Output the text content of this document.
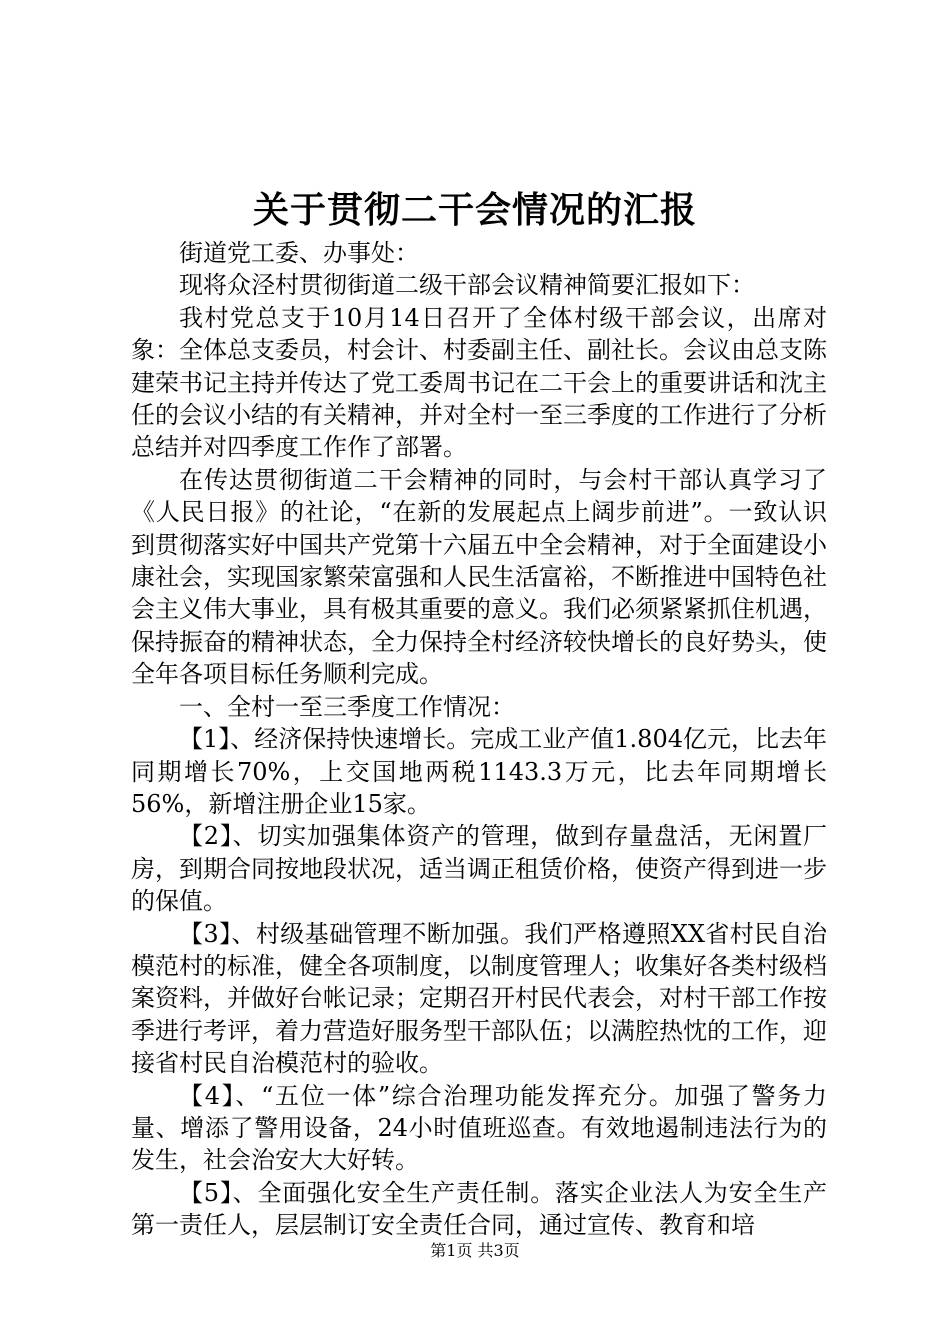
关于贯彻二干会情况的汇报

街道党工委、办事处：

现将众泾村贯彻街道二级干部会议精神简要汇报如下：

我村党总支于10月14日召开了全体村级干部会议，出席对象：全体总支委员，村会计、村委副主任、副社长。会议由总支陈建荣书记主持并传达了党工委周书记在二干会上的重要讲话和沈主任的会议小结的有关精神，并对全村一至三季度的工作进行了分析总结并对四季度工作作了部署。

在传达贯彻街道二干会精神的同时，与会村干部认真学习了《人民日报》的社论，“在新的发展起点上阔步前进”。一致认识到贯彻落实好中国共产党第十六届五中全会精神，对于全面建设小康社会，实现国家繁荣富强和人民生活富裕，不断推进中国特色社会主义伟大事业，具有极其重要的意义。我们必须紧紧抓住机遇，保持振奋的精神状态，全力保持全村经济较快增长的良好势头，使全年各项目标任务顺利完成。

一、全村一至三季度工作情况：

【1】、经济保持快速增长。完成工业产值1.804亿元，比去年同期增长70%，上交国地两税1143.3万元，比去年同期增长56%，新增注册企业15家。

【2】、切实加强集体资产的管理，做到存量盘活，无闲置厂房，到期合同按地段状况，适当调正租赁价格，使资产得到进一步的保值。

【3】、村级基础管理不断加强。我们严格遵照XX省村民自治模范村的标准，健全各项制度，以制度管理人；收集好各类村级档案资料，并做好台帐记录；定期召开村民代表会，对村干部工作按季进行考评，着力营造好服务型干部队伍；以满腔热忱的工作，迎接省村民自治模范村的验收。

【4】、“五位一体”综合治理功能发挥充分。加强了警务力量、增添了警用设备，24小时值班巡查。有效地遏制违法行为的发生，社会治安大大好转。

【5】、全面强化安全生产责任制。落实企业法人为安全生产第一责任人，层层制订安全责任合同，通过宣传、教育和培

第1页 共3页
